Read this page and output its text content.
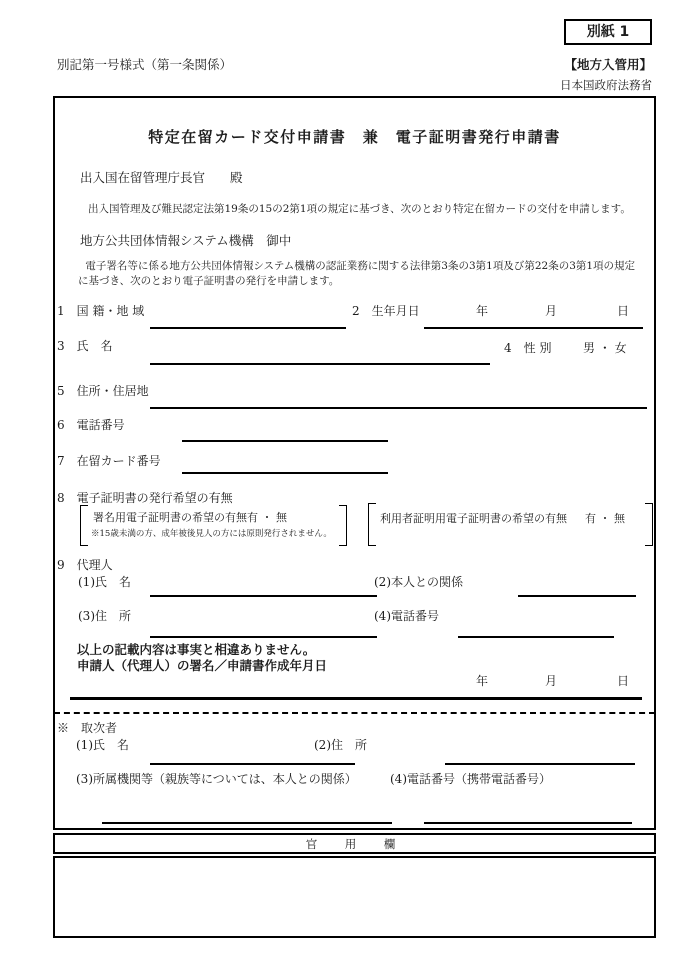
別紙 1
別記第一号様式（第一条関係）	【地方入管用】
日本国政府法務省
特定在留カード交付申請書　兼　電子証明書発行申請書
出入国在留管理庁長官　　殿
出入国管理及び難民認定法第19条の15の2第1項の規定に基づき、次のとおり特定在留カードの交付を申請します。
地方公共団体情報システム機構　御中
電子署名等に係る地方公共団体情報システム機構の認証業務に関する法律第3条の3第1項及び第22条の3第1項の規定に基づき、次のとおり電子証明書の発行を申請します。
1　国 籍・地 域	2　生年月日	年	月	日
3　氏　名	4　性 別	男 ・ 女
5　住所・住居地
6　電話番号
7　在留カード番号
8　電子証明書の発行希望の有無
署名用電子証明書の希望の有無 有 ・ 無
※15歳未満の方、成年被後見人の方には原則発行されません。
利用者証明用電子証明書の希望の有無 有 ・ 無
9　代理人
(1)氏　名	(2)本人との関係
(3)住　所	(4)電話番号
以上の記載内容は事実と相違ありません。
申請人（代理人）の署名／申請書作成年月日
年	月	日
※　取次者
(1)氏　名	(2)住　所
(3)所属機関等（親族等については、本人との関係）	(4)電話番号（携帯電話番号）
官　用　欄
